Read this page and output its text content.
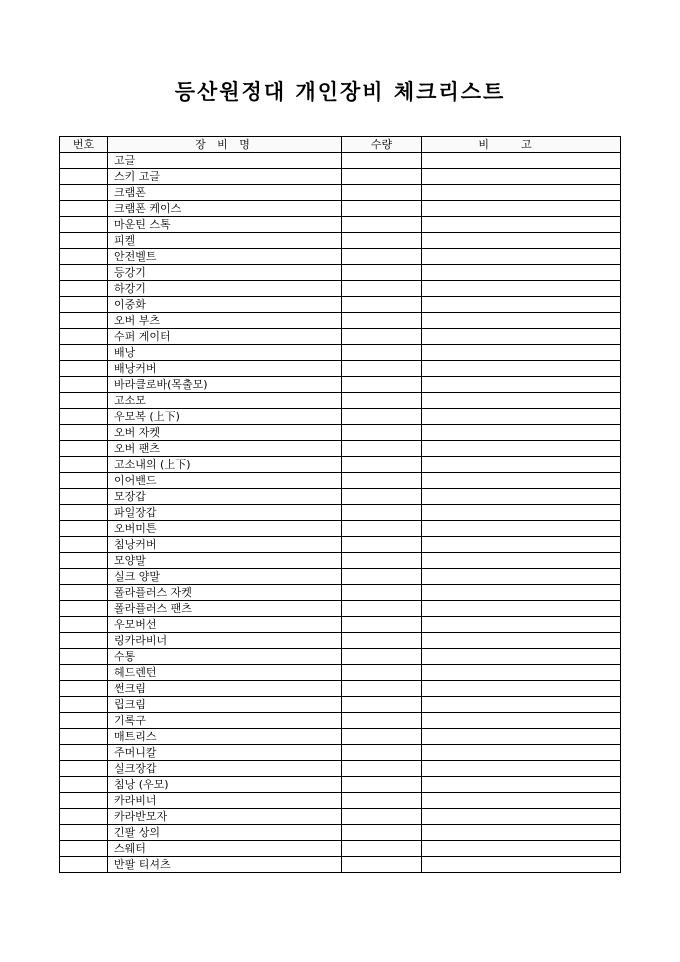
등산원정대 개인장비 체크리스트
번호	장 비 명	수량	비고
	고글		
	스키 고글		
	크램폰		
	크램폰 케이스		
	마운틴 스톡		
	피켈		
	안전벨트		
	등강기		
	하강기		
	이중화		
	오버 부츠		
	수퍼 게이터		
	배낭		
	배낭커버		
	바라클로바(목출모)		
	고소모		
	우모복 (上下)		
	오버 자켓		
	오버 팬츠		
	고소내의 (上下)		
	이어밴드		
	모장갑		
	파일장갑		
	오버미튼		
	침낭커버		
	모양말		
	실크 양말		
	폴라플러스 자켓		
	폴라플러스 팬츠		
	우모버선		
	링카라비너		
	수통		
	헤드렌턴		
	썬크림		
	립크림		
	기록구		
	매트리스		
	주머니칼		
	실크장갑		
	침낭 (우모)		
	카라비너		
	카라반모자		
	긴팔 상의		
	스웨터		
	반팔 티셔츠		
